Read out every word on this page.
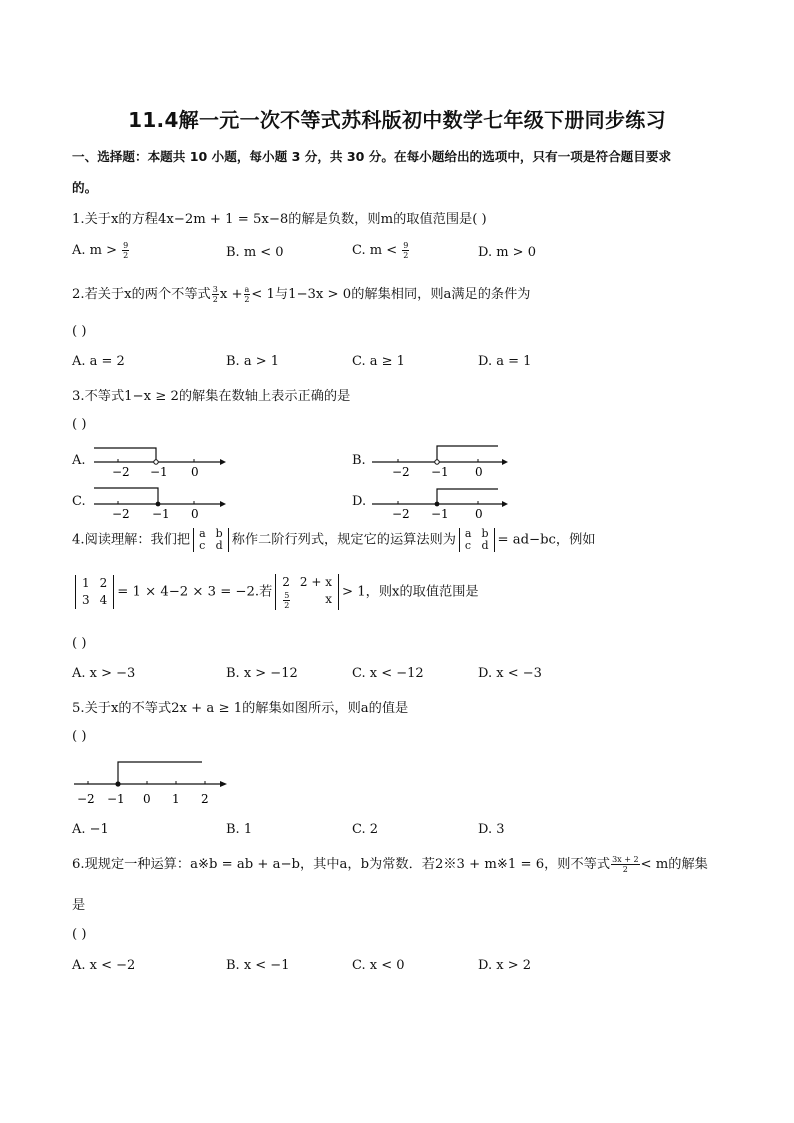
11.4解一元一次不等式苏科版初中数学七年级下册同步练习
一、选择题：本题共 10 小题，每小题 3 分，共 30 分。在每小题给出的选项中，只有一项是符合题目要求
的。
1.关于x的方程4x−2m + 1 = 5x−8的解是负数，则m的取值范围是( )
A. $m > \frac{9}{2}$	B. m < 0	C. $m < \frac{9}{2}$	D. m > 0
2.若关于x的两个不等式 $\frac{3}{2}$ $x + \frac{a}{2} < 1$与1−3x > 0的解集相同，则a满足的条件为
( )
A. a = 2	B. a > 1	C. a ≥ 1	D. a = 1
3.不等式1−x ≥ 2的解集在数轴上表示正确的是
( )
A.
−2 −1 0
B.
−2 −1 0
C.
−2 −1 0
D.
−2 −1 0
4.阅读理解：我们把 a b
c d 称作二阶行列式，规定它的运算法则为 a b
c d = ad−bc，例如
1 2
3 4
= 1 × 4−2 × 3 = −2.若
2 2 + x
$\frac{5}{2}$	x > 1，则x的取值范围是
( )
A. x > −3	B. x > −12	C. x < −12	D. x < −3
5.关于x的不等式2x + a ≥ 1的解集如图所示，则a的值是
( )
−2 −1 0 1 2
A. −1	B. 1	C. 2	D. 3
6.现规定一种运算：a※b = ab + a−b，其中a，b为常数．若2※3 + m※1 = 6，则不等式 $\frac{3x + 2}{2} < m$的解集
是
( )
A. x < −2	B. x < −1	C. x < 0	D. x > 2
